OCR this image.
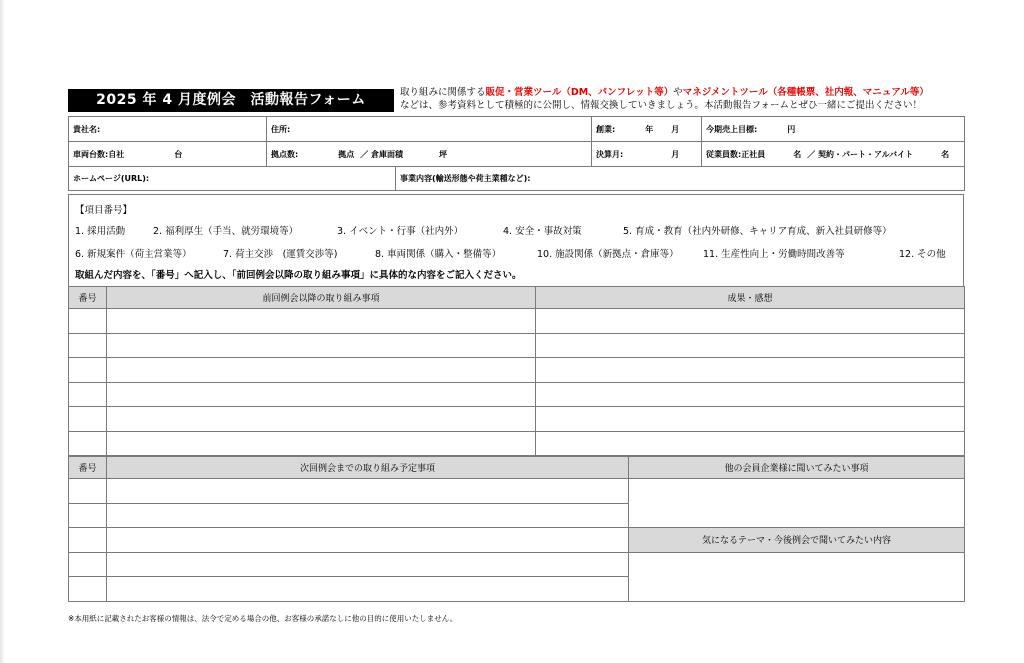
2025 年 4 月度例会　活動報告フォーム	取り組みに関係する販促・営業ツール（DM、パンフレット等）やマネジメントツール（各種帳票、社内報、マニュアル等）
などは、参考資料として積極的に公開し、情報交換していきましょう。本活動報告フォームとぜひ一緒にご提出ください！
貴社名:	住所:		創業: 年 月	今期売上目標: 円
車両台数:自社 台	拠点数: 拠点 ／ 倉庫面積 坪		決算月: 月	従業員数:正社員 名 ／ 契約・パート・アルバイト 名
ホームページ(URL):		事業内容(輸送形態や荷主業種など):		
【項目番号】
1. 採用活動	2. 福利厚生（手当、就労環境等）	3. イベント・行事（社内外）	4. 安全・事故対策	5. 育成・教育（社内外研修、キャリア育成、新入社員研修等）
6. 新規案件（荷主営業等）	7. 荷主交渉　(運賃交渉等)	8. 車両関係（購入・整備等）	10. 施設関係（新拠点・倉庫等）	11. 生産性向上・労働時間改善等	12. その他
取組んだ内容を、「番号」へ記入し、「前回例会以降の取り組み事項」に具体的な内容をご記入ください。
番号	前回例会以降の取り組み事項	成果・感想

番号	次回例会までの取り組み予定事項	他の会員企業様に聞いてみたい事項

		気になるテーマ・今後例会で聞いてみたい内容

※本用紙に記載されたお客様の情報は、法令で定める場合の他、お客様の承諾なしに他の目的に使用いたしません。
